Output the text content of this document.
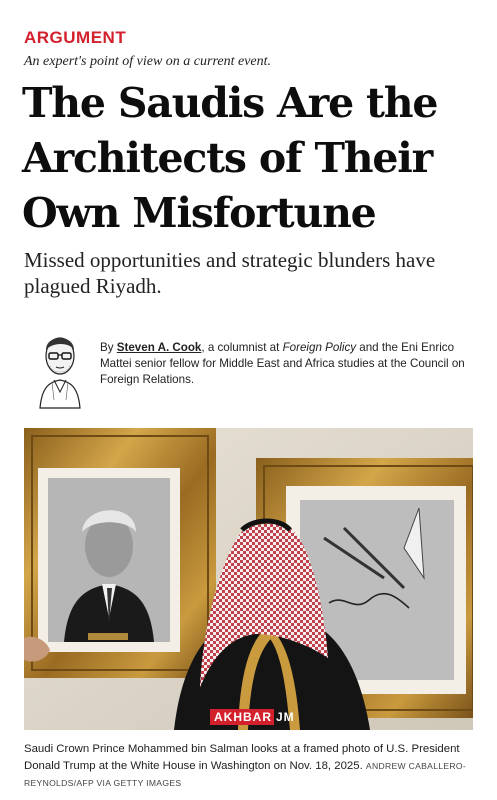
ARGUMENT
An expert's point of view on a current event.
The Saudis Are the
Architects of Their
Own Misfortune

Missed opportunities and strategic blunders have
plagued Riyadh.

By Steven A. Cook, a columnist at Foreign Policy and the Eni Enrico Mattei senior fellow for Middle East and Africa studies at the Council on Foreign Relations.
AKHBAR JM
Saudi Crown Prince Mohammed bin Salman looks at a framed photo of U.S. President Donald Trump at the White House in Washington on Nov. 18, 2025. ANDREW CABALLERO-REYNOLDS/AFP VIA GETTY IMAGES
